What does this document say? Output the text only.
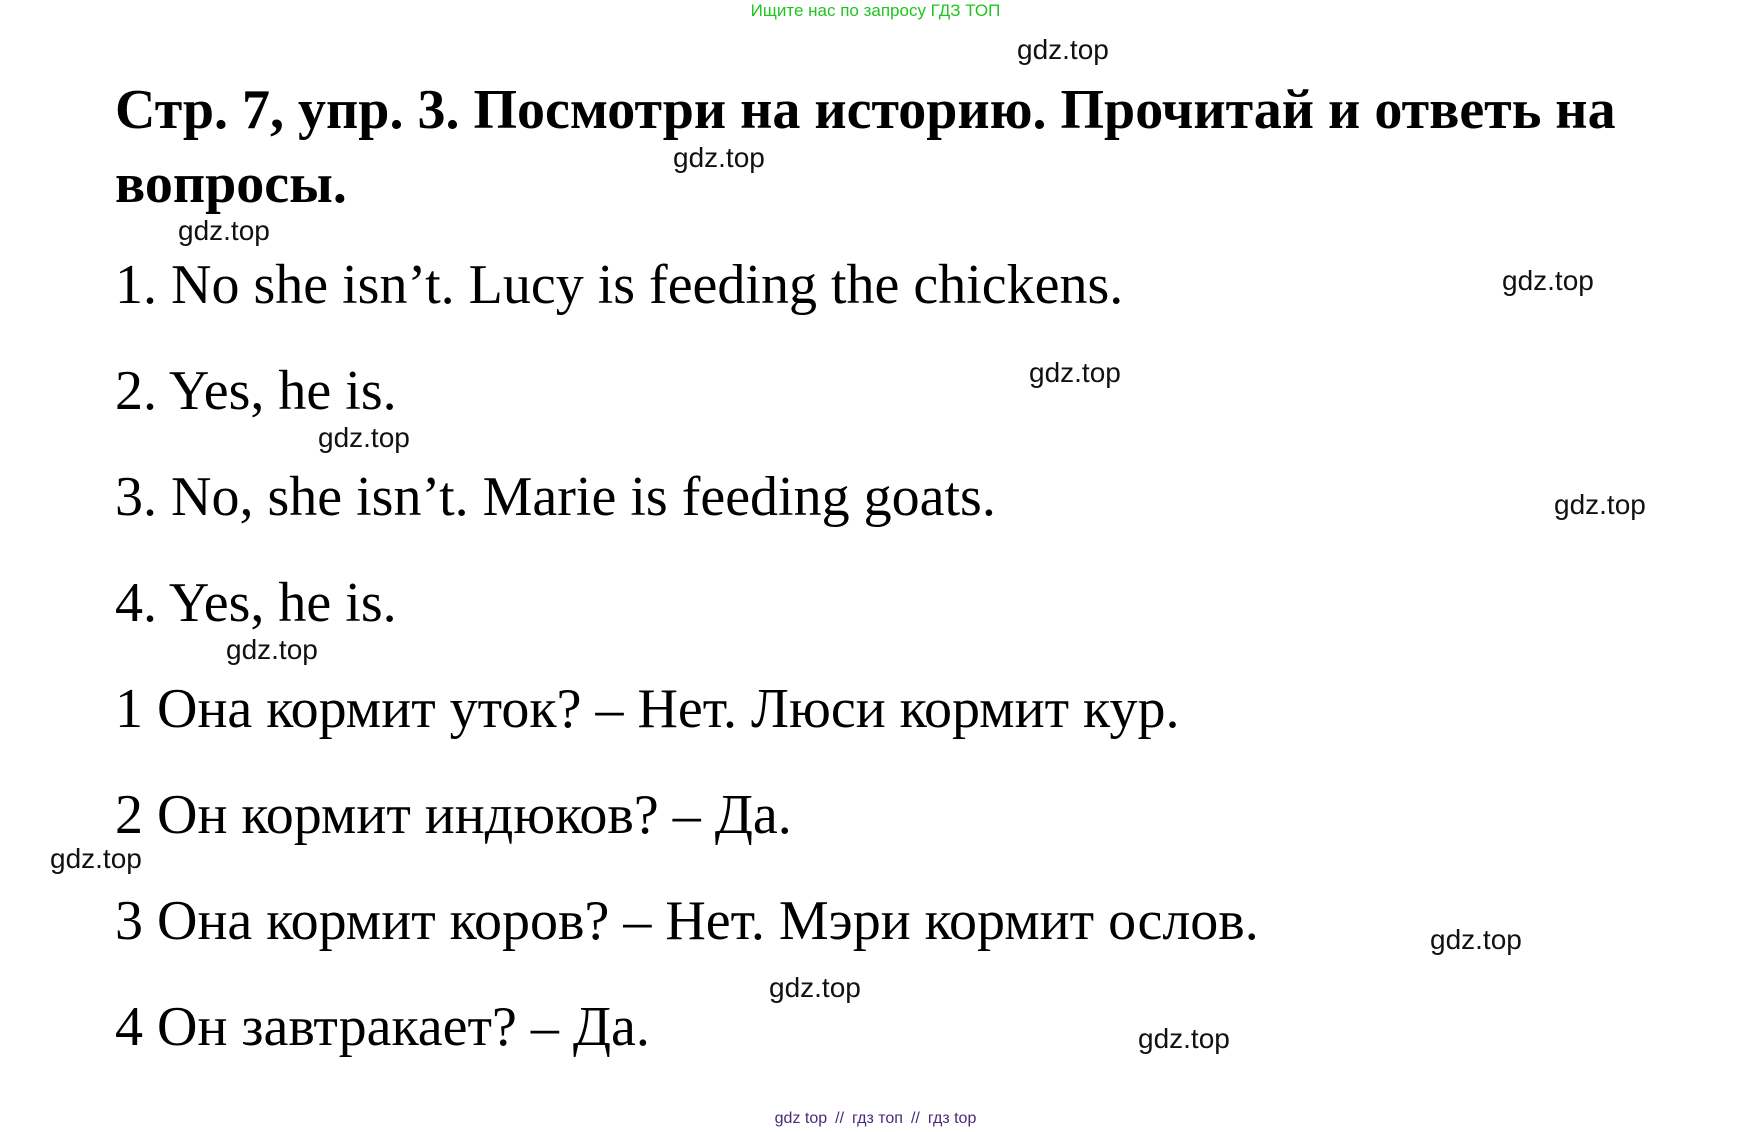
Ищите нас по запросу ГДЗ ТОП
Стр. 7, упр. 3. Посмотри на историю. Прочитай и ответь на вопросы.
1. No she isn’t. Lucy is feeding the chickens.
2. Yes, he is.
3. No, she isn’t. Marie is feeding goats.
4. Yes, he is.
1 Она кормит уток? – Нет. Люси кормит кур.
2 Он кормит индюков? – Да.
3 Она кормит коров? – Нет. Мэри кормит ослов.
4 Он завтракает? – Да.
gdz.top
gdz.top
gdz.top
gdz.top
gdz.top
gdz.top
gdz.top
gdz.top
gdz.top
gdz.top
gdz.top
gdz.top
gdz top // гдз топ // гдз top
